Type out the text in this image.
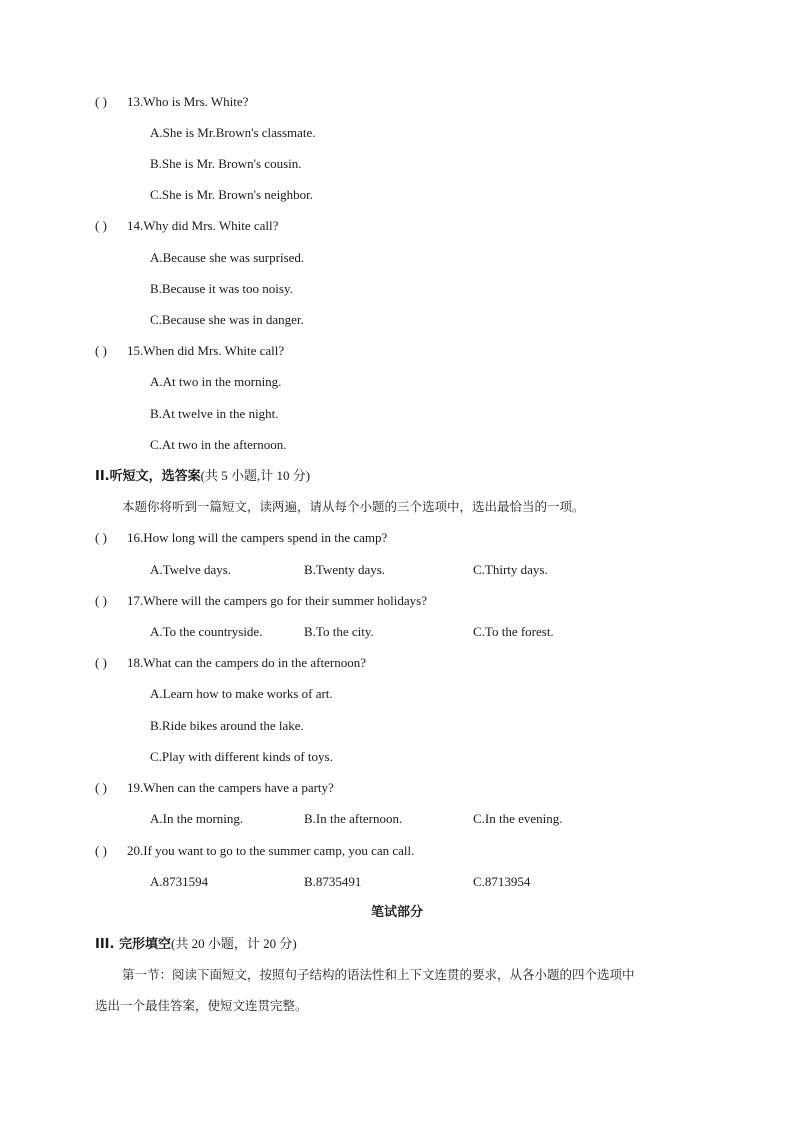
( ) 13.Who is Mrs. White?
A.She is Mr.Brown's classmate.
B.She is Mr. Brown's cousin.
C.She is Mr. Brown's neighbor.
( ) 14.Why did Mrs. White call?
A.Because she was surprised.
B.Because it was too noisy.
C.Because she was in danger.
( ) 15.When did Mrs. White call?
A.At two in the morning.
B.At twelve in the night.
C.At two in the afternoon.
II.听短文，选答案(共 5 小题,计 10 分)
本题你将听到一篇短文，读两遍，请从每个小题的三个选项中，选出最恰当的一项。
( ) 16.How long will the campers spend in the camp?
A.Twelve days.	B.Twenty days.	C.Thirty days.
( ) 17.Where will the campers go for their summer holidays?
A.To the countryside.	B.To the city.	C.To the forest.
( ) 18.What can the campers do in the afternoon?
A.Learn how to make works of art.
B.Ride bikes around the lake.
C.Play with different kinds of toys.
( ) 19.When can the campers have a party?
A.In the morning.	B.In the afternoon.	C.In the evening.
( ) 20.If you want to go to the summer camp, you can call.
A.8731594	B.8735491	C.8713954
笔试部分
III. 完形填空(共 20 小题，计 20 分)
第一节：阅读下面短文，按照句子结构的语法性和上下文连贯的要求，从各小题的四个选项中
选出一个最佳答案，使短文连贯完整。
